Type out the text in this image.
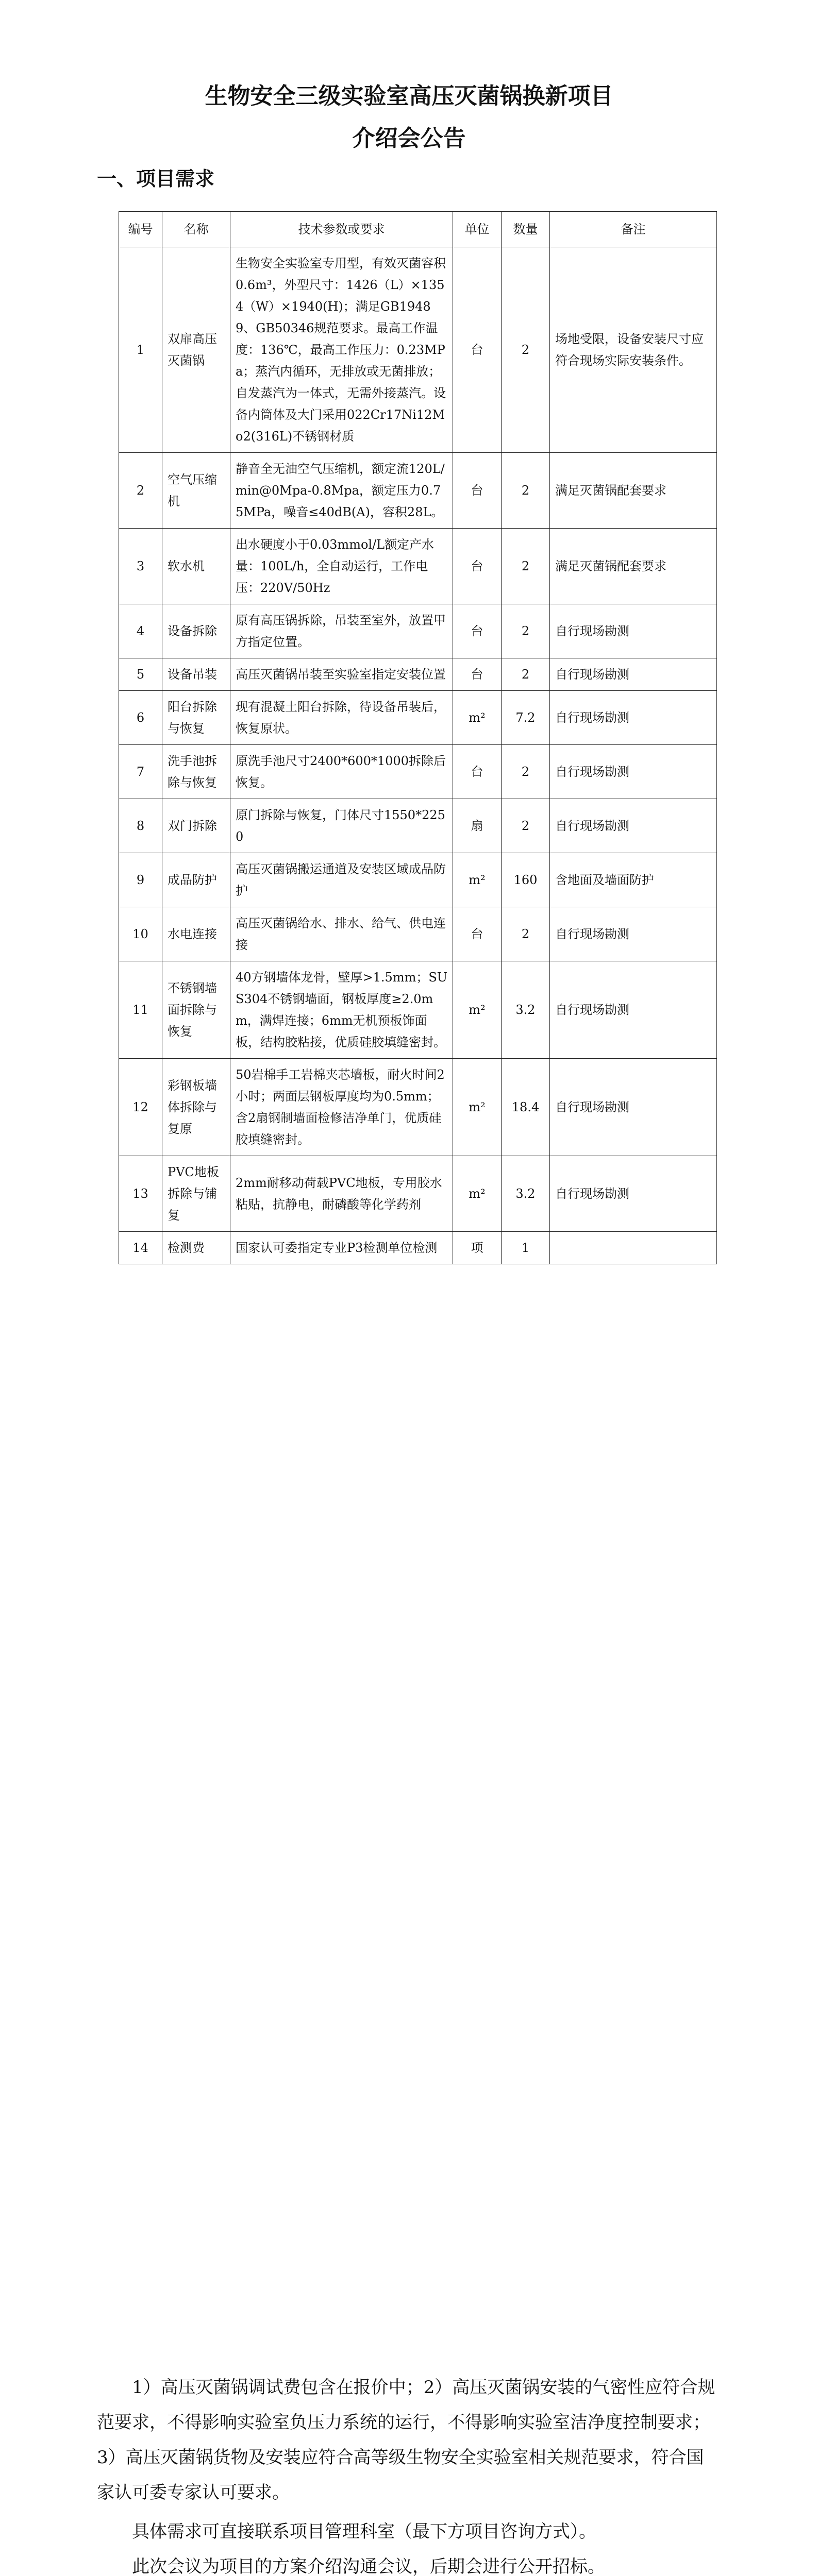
生物安全三级实验室高压灭菌锅换新项目
介绍会公告
一、项目需求
编号	名称	技术参数或要求	单位	数量	备注
1	双扉高压灭菌锅	生物安全实验室专用型，有效灭菌容积0.6m³，外型尺寸：1426（L）×1354（W）×1940(H)；满足GB19489、GB50346规范要求。最高工作温度：136℃，最高工作压力：0.23MPa；蒸汽内循环，无排放或无菌排放；自发蒸汽为一体式，无需外接蒸汽。设备内筒体及大门采用022Cr17Ni12Mo2(316L)不锈钢材质	台	2	场地受限，设备安装尺寸应符合现场实际安装条件。
2	空气压缩机	静音全无油空气压缩机，额定流120L/min@0Mpa-0.8Mpa，额定压力0.75MPa，噪音≤40dB(A)，容积28L。	台	2	满足灭菌锅配套要求
3	软水机	出水硬度小于0.03mmol/L额定产水量：100L/h，全自动运行，工作电压：220V/50Hz	台	2	满足灭菌锅配套要求
4	设备拆除	原有高压锅拆除，吊装至室外，放置甲方指定位置。	台	2	自行现场勘测
5	设备吊装	高压灭菌锅吊装至实验室指定安装位置	台	2	自行现场勘测
6	阳台拆除与恢复	现有混凝土阳台拆除，待设备吊装后，恢复原状。	m²	7.2	自行现场勘测
7	洗手池拆除与恢复	原洗手池尺寸2400*600*1000拆除后恢复。	台	2	自行现场勘测
8	双门拆除	原门拆除与恢复，门体尺寸1550*2250	扇	2	自行现场勘测
9	成品防护	高压灭菌锅搬运通道及安装区域成品防护	m²	160	含地面及墙面防护
10	水电连接	高压灭菌锅给水、排水、给气、供电连接	台	2	自行现场勘测
11	不锈钢墙面拆除与恢复	40方钢墙体龙骨，壁厚>1.5mm；SUS304不锈钢墙面，钢板厚度≥2.0mm，满焊连接；6mm无机预板饰面板，结构胶粘接，优质硅胶填缝密封。	m²	3.2	自行现场勘测
12	彩钢板墙体拆除与复原	50岩棉手工岩棉夹芯墙板，耐火时间2小时；两面层钢板厚度均为0.5mm；含2扇钢制墙面检修洁净单门，优质硅胶填缝密封。	m²	18.4	自行现场勘测
13	PVC地板拆除与铺复	2mm耐移动荷载PVC地板，专用胶水粘贴，抗静电，耐磷酸等化学药剂	m²	3.2	自行现场勘测
14	检测费	国家认可委指定专业P3检测单位检测	项	1	
1）高压灭菌锅调试费包含在报价中；2）高压灭菌锅安装的气密性应符合规范要求，不得影响实验室负压力系统的运行，不得影响实验室洁净度控制要求；3）高压灭菌锅货物及安装应符合高等级生物安全实验室相关规范要求，符合国家认可委专家认可要求。
具体需求可直接联系项目管理科室（最下方项目咨询方式）。
此次会议为项目的方案介绍沟通会议，后期会进行公开招标。
